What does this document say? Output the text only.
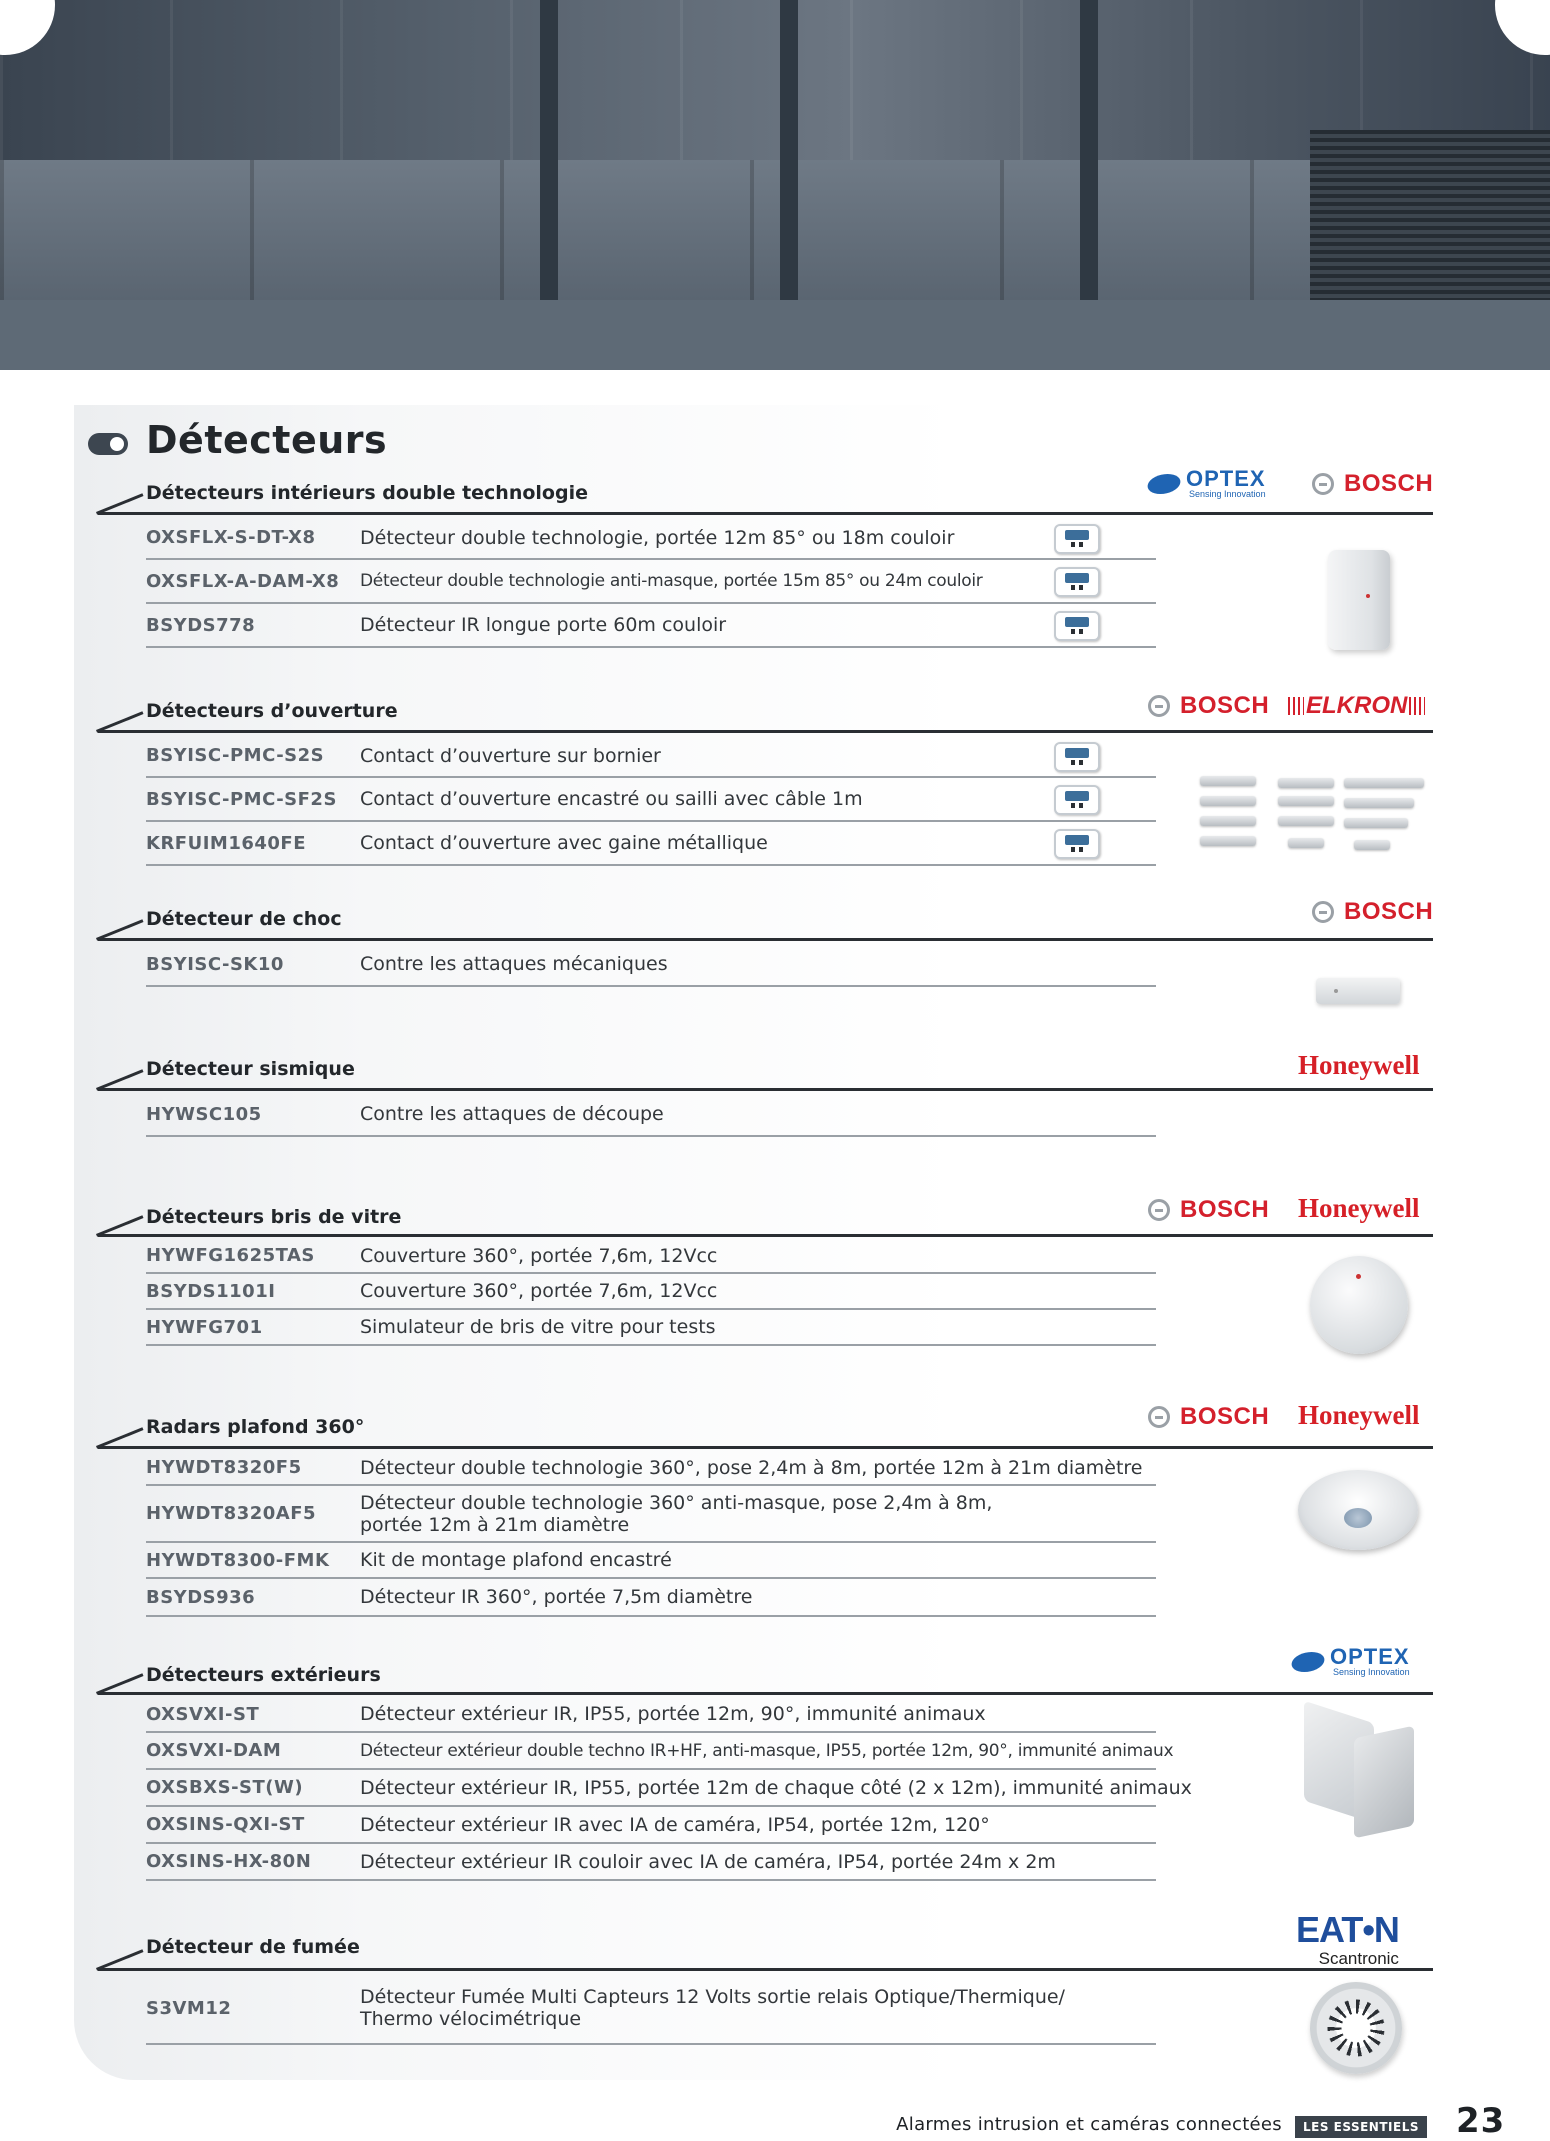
Détecteurs
Détecteurs intérieurs double technologie
OXSFLX-S-DT-X8	Détecteur double technologie, portée 12m 85° ou 18m couloir
OXSFLX-A-DAM-X8	Détecteur double technologie anti-masque, portée 15m 85° ou 24m couloir
BSYDS778	Détecteur IR longue porte 60m couloir
OPTEX
Sensing Innovation	BOSCH
Détecteurs d’ouverture
BSYISC-PMC-S2S	Contact d’ouverture sur bornier
BSYISC-PMC-SF2S	Contact d’ouverture encastré ou sailli avec câble 1m
KRFUIM1640FE	Contact d’ouverture avec gaine métallique
BOSCH	ELKRON
Détecteur de choc
BSYISC-SK10	Contre les attaques mécaniques
BOSCH
Détecteur sismique
HYWSC105	Contre les attaques de découpe
Honeywell
Détecteurs bris de vitre
HYWFG1625TAS	Couverture 360°, portée 7,6m, 12Vcc
BSYDS1101I	Couverture 360°, portée 7,6m, 12Vcc
HYWFG701	Simulateur de bris de vitre pour tests
BOSCH Honeywell
Radars plafond 360°
HYWDT8320F5	Détecteur double technologie 360°, pose 2,4m à 8m, portée 12m à 21m diamètre
HYWDT8320AF5	Détecteur double technologie 360° anti-masque, pose 2,4m à 8m, portée 12m à 21m diamètre
HYWDT8300-FMK	Kit de montage plafond encastré
BSYDS936	Détecteur IR 360°, portée 7,5m diamètre
BOSCH Honeywell
Détecteurs extérieurs
OXSVXI-ST	Détecteur extérieur IR, IP55, portée 12m, 90°, immunité animaux
OXSVXI-DAM	Détecteur extérieur double techno IR+HF, anti-masque, IP55, portée 12m, 90°, immunité animaux
OXSBXS-ST(W)	Détecteur extérieur IR, IP55, portée 12m de chaque côté (2 x 12m), immunité animaux
OXSINS-QXI-ST	Détecteur extérieur IR avec IA de caméra, IP54, portée 12m, 120°
OXSINS-HX-80N	Détecteur extérieur IR couloir avec IA de caméra, IP54, portée 24m x 2m
OPTEX
Sensing Innovation
Détecteur de fumée
S3VM12	Détecteur Fumée Multi Capteurs 12 Volts sortie relais Optique/Thermique/ Thermo vélocimétrique
EAT•N
Scantronic
Alarmes intrusion et caméras connectées	LES ESSENTIELS 23
